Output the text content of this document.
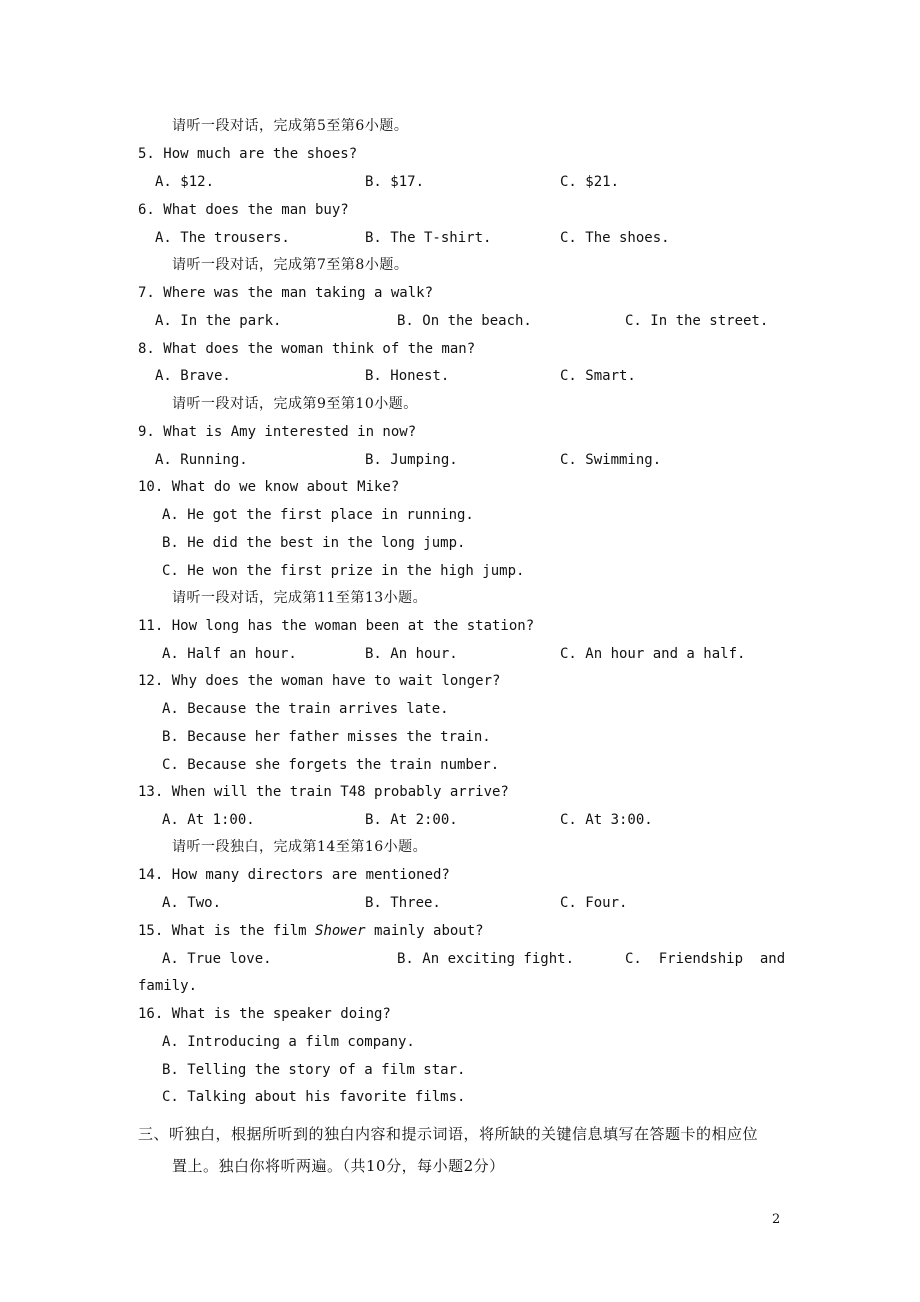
请听一段对话，完成第5至第6小题。
5. How much are the shoes?
A. $12.	B. $17.	C. $21.
6. What does the man buy?
A. The trousers.	B. The T-shirt.	C. The shoes.
请听一段对话，完成第7至第8小题。
7. Where was the man taking a walk?
A. In the park.	B. On the beach.	C. In the street.
8. What does the woman think of the man?
A. Brave.	B. Honest.	C. Smart.
请听一段对话，完成第9至第10小题。
9. What is Amy interested in now?
A. Running.	B. Jumping.	C. Swimming.
10. What do we know about Mike?
A. He got the first place in running.
B. He did the best in the long jump.
C. He won the first prize in the high jump.
请听一段对话，完成第11至第13小题。
11. How long has the woman been at the station?
A. Half an hour.	B. An hour.	C. An hour and a half.
12. Why does the woman have to wait longer?
A. Because the train arrives late.
B. Because her father misses the train.
C. Because she forgets the train number.
13. When will the train T48 probably arrive?
A. At 1:00.	B. At 2:00.	C. At 3:00.
请听一段独白，完成第14至第16小题。
14. How many directors are mentioned?
A. Two.	B. Three.	C. Four.
15. What is the film Shower mainly about?
A. True love.	B. An exciting fight.	C.  Friendship  and
family.
16. What is the speaker doing?
A. Introducing a film company.
B. Telling the story of a film star.
C. Talking about his favorite films.
三、听独白，根据所听到的独白内容和提示词语，将所缺的关键信息填写在答题卡的相应位
置上。独白你将听两遍。（共10分，每小题2分）
2
